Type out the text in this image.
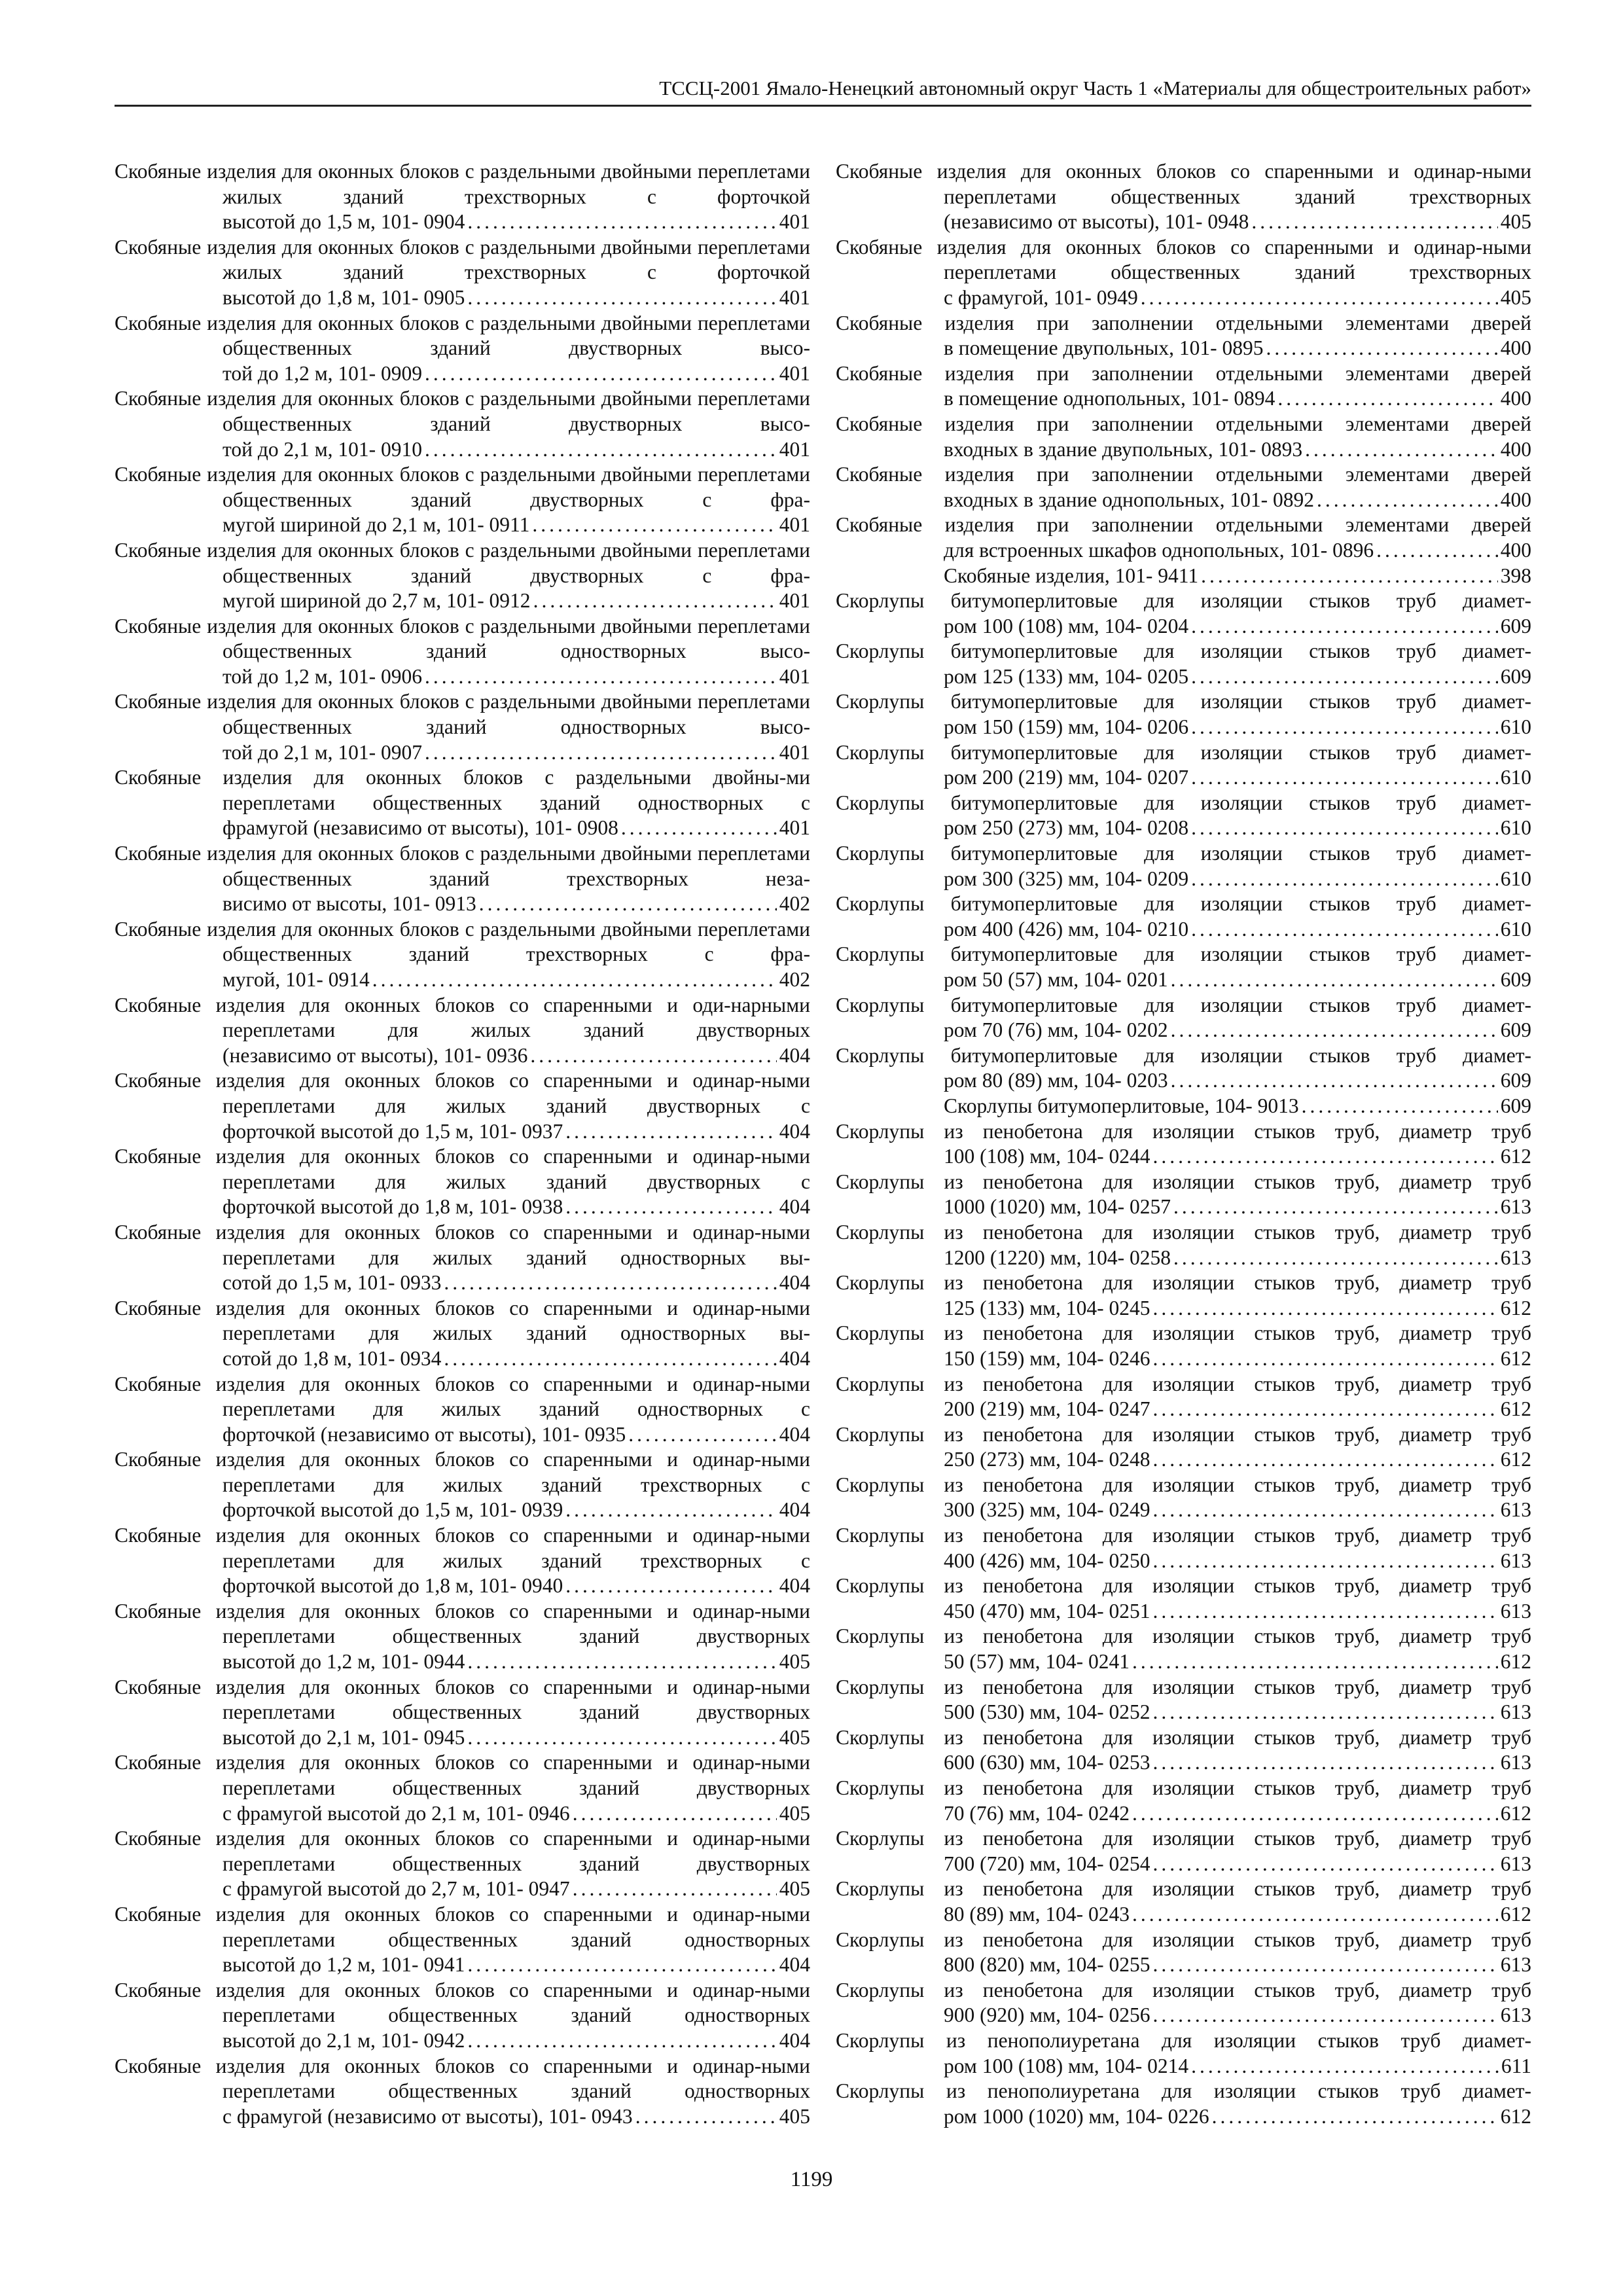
ТССЦ-2001 Ямало-Ненецкий автономный округ Часть 1 «Материалы для общестроительных работ»
Скобяные изделия для оконных блоков с раздельными двойными переплетами жилых зданий трехстворных с форточкой
высотой до 1,5 м, 101- 0904 .....	401
Скобяные изделия для оконных блоков с раздельными двойными переплетами жилых зданий трехстворных с форточкой
высотой до 1,8 м, 101- 0905 .....	401
Скобяные изделия для оконных блоков с раздельными двойными переплетами общественных зданий двустворных высо-
той до 1,2 м, 101- 0909 .....	401
Скобяные изделия для оконных блоков с раздельными двойными переплетами общественных зданий двустворных высо-
той до 2,1 м, 101- 0910 .....	401
Скобяные изделия для оконных блоков с раздельными двойными переплетами общественных зданий двустворных с фра-
мугой шириной до 2,1 м, 101- 0911 .....	401
Скобяные изделия для оконных блоков с раздельными двойными переплетами общественных зданий двустворных с фра-
мугой шириной до 2,7 м, 101- 0912 .....	401
Скобяные изделия для оконных блоков с раздельными двойными переплетами общественных зданий одностворных высо-
той до 1,2 м, 101- 0906 .....	401
Скобяные изделия для оконных блоков с раздельными двойными переплетами общественных зданий одностворных высо-
той до 2,1 м, 101- 0907 .....	401
Скобяные изделия для оконных блоков с раздельными двойны-ми переплетами общественных зданий одностворных с
фрамугой (независимо от высоты), 101- 0908 .....	401
Скобяные изделия для оконных блоков с раздельными двойными переплетами общественных зданий трехстворных неза-
висимо от высоты, 101- 0913 .....	402
Скобяные изделия для оконных блоков с раздельными двойными переплетами общественных зданий трехстворных с фра-
мугой, 101- 0914 .....	402
Скобяные изделия для оконных блоков со спаренными и оди-нарными переплетами для жилых зданий двустворных
(независимо от высоты), 101- 0936 .....	404
Скобяные изделия для оконных блоков со спаренными и одинар-ными переплетами для жилых зданий двустворных с
форточкой высотой до 1,5 м, 101- 0937 .....	404
Скобяные изделия для оконных блоков со спаренными и одинар-ными переплетами для жилых зданий двустворных с
форточкой высотой до 1,8 м, 101- 0938 .....	404
Скобяные изделия для оконных блоков со спаренными и одинар-ными переплетами для жилых зданий одностворных вы-
сотой до 1,5 м, 101- 0933 .....	404
Скобяные изделия для оконных блоков со спаренными и одинар-ными переплетами для жилых зданий одностворных вы-
сотой до 1,8 м, 101- 0934 .....	404
Скобяные изделия для оконных блоков со спаренными и одинар-ными переплетами для жилых зданий одностворных с
форточкой (независимо от высоты), 101- 0935 .....	404
Скобяные изделия для оконных блоков со спаренными и одинар-ными переплетами для жилых зданий трехстворных с
форточкой высотой до 1,5 м, 101- 0939 .....	404
Скобяные изделия для оконных блоков со спаренными и одинар-ными переплетами для жилых зданий трехстворных с
форточкой высотой до 1,8 м, 101- 0940 .....	404
Скобяные изделия для оконных блоков со спаренными и одинар-ными переплетами общественных зданий двустворных
высотой до 1,2 м, 101- 0944 .....	405
Скобяные изделия для оконных блоков со спаренными и одинар-ными переплетами общественных зданий двустворных
высотой до 2,1 м, 101- 0945 .....	405
Скобяные изделия для оконных блоков со спаренными и одинар-ными переплетами общественных зданий двустворных
с фрамугой высотой до 2,1 м, 101- 0946 .....	405
Скобяные изделия для оконных блоков со спаренными и одинар-ными переплетами общественных зданий двустворных
с фрамугой высотой до 2,7 м, 101- 0947 .....	405
Скобяные изделия для оконных блоков со спаренными и одинар-ными переплетами общественных зданий одностворных
высотой до 1,2 м, 101- 0941 .....	404
Скобяные изделия для оконных блоков со спаренными и одинар-ными переплетами общественных зданий одностворных
высотой до 2,1 м, 101- 0942 .....	404
Скобяные изделия для оконных блоков со спаренными и одинар-ными переплетами общественных зданий одностворных
с фрамугой (независимо от высоты), 101- 0943 .....	405
Скобяные изделия для оконных блоков со спаренными и одинар-ными переплетами общественных зданий трехстворных
(независимо от высоты), 101- 0948 .....	405
Скобяные изделия для оконных блоков со спаренными и одинар-ными переплетами общественных зданий трехстворных
с фрамугой, 101- 0949 .....	405
Скобяные изделия при заполнении отдельными элементами дверей
в помещение двупольных, 101- 0895 .....	400
Скобяные изделия при заполнении отдельными элементами дверей
в помещение однопольных, 101- 0894 .....	400
Скобяные изделия при заполнении отдельными элементами дверей
входных в здание двупольных, 101- 0893 .....	400
Скобяные изделия при заполнении отдельными элементами дверей
входных в здание однопольных, 101- 0892 .....	400
Скобяные изделия при заполнении отдельными элементами дверей
для встроенных шкафов однопольных, 101- 0896 .....	400
Скобяные изделия, 101- 9411 .....	398
Скорлупы битумоперлитовые для изоляции стыков труб диамет-
ром 100 (108) мм, 104- 0204 .....	609
Скорлупы битумоперлитовые для изоляции стыков труб диамет-
ром 125 (133) мм, 104- 0205 .....	609
Скорлупы битумоперлитовые для изоляции стыков труб диамет-
ром 150 (159) мм, 104- 0206 .....	610
Скорлупы битумоперлитовые для изоляции стыков труб диамет-
ром 200 (219) мм, 104- 0207 .....	610
Скорлупы битумоперлитовые для изоляции стыков труб диамет-
ром 250 (273) мм, 104- 0208 .....	610
Скорлупы битумоперлитовые для изоляции стыков труб диамет-
ром 300 (325) мм, 104- 0209 .....	610
Скорлупы битумоперлитовые для изоляции стыков труб диамет-
ром 400 (426) мм, 104- 0210 .....	610
Скорлупы битумоперлитовые для изоляции стыков труб диамет-
ром 50 (57) мм, 104- 0201 .....	609
Скорлупы битумоперлитовые для изоляции стыков труб диамет-
ром 70 (76) мм, 104- 0202 .....	609
Скорлупы битумоперлитовые для изоляции стыков труб диамет-
ром 80 (89) мм, 104- 0203 .....	609
Скорлупы битумоперлитовые, 104- 9013 .....	609
Скорлупы из пенобетона для изоляции стыков труб, диаметр труб
100 (108) мм, 104- 0244 .....	612
Скорлупы из пенобетона для изоляции стыков труб, диаметр труб
1000 (1020) мм, 104- 0257 .....	613
Скорлупы из пенобетона для изоляции стыков труб, диаметр труб
1200 (1220) мм, 104- 0258 .....	613
Скорлупы из пенобетона для изоляции стыков труб, диаметр труб
125 (133) мм, 104- 0245 .....	612
Скорлупы из пенобетона для изоляции стыков труб, диаметр труб
150 (159) мм, 104- 0246 .....	612
Скорлупы из пенобетона для изоляции стыков труб, диаметр труб
200 (219) мм, 104- 0247 .....	612
Скорлупы из пенобетона для изоляции стыков труб, диаметр труб
250 (273) мм, 104- 0248 .....	612
Скорлупы из пенобетона для изоляции стыков труб, диаметр труб
300 (325) мм, 104- 0249 .....	613
Скорлупы из пенобетона для изоляции стыков труб, диаметр труб
400 (426) мм, 104- 0250 .....	613
Скорлупы из пенобетона для изоляции стыков труб, диаметр труб
450 (470) мм, 104- 0251 .....	613
Скорлупы из пенобетона для изоляции стыков труб, диаметр труб
50 (57) мм, 104- 0241 .....	612
Скорлупы из пенобетона для изоляции стыков труб, диаметр труб
500 (530) мм, 104- 0252 .....	613
Скорлупы из пенобетона для изоляции стыков труб, диаметр труб
600 (630) мм, 104- 0253 .....	613
Скорлупы из пенобетона для изоляции стыков труб, диаметр труб
70 (76) мм, 104- 0242 .....	612
Скорлупы из пенобетона для изоляции стыков труб, диаметр труб
700 (720) мм, 104- 0254 .....	613
Скорлупы из пенобетона для изоляции стыков труб, диаметр труб
80 (89) мм, 104- 0243 .....	612
Скорлупы из пенобетона для изоляции стыков труб, диаметр труб
800 (820) мм, 104- 0255 .....	613
Скорлупы из пенобетона для изоляции стыков труб, диаметр труб
900 (920) мм, 104- 0256 .....	613
Скорлупы из пенополиуретана для изоляции стыков труб диамет-
ром 100 (108) мм, 104- 0214 .....	611
Скорлупы из пенополиуретана для изоляции стыков труб диамет-
ром 1000 (1020) мм, 104- 0226 .....	612
1199
